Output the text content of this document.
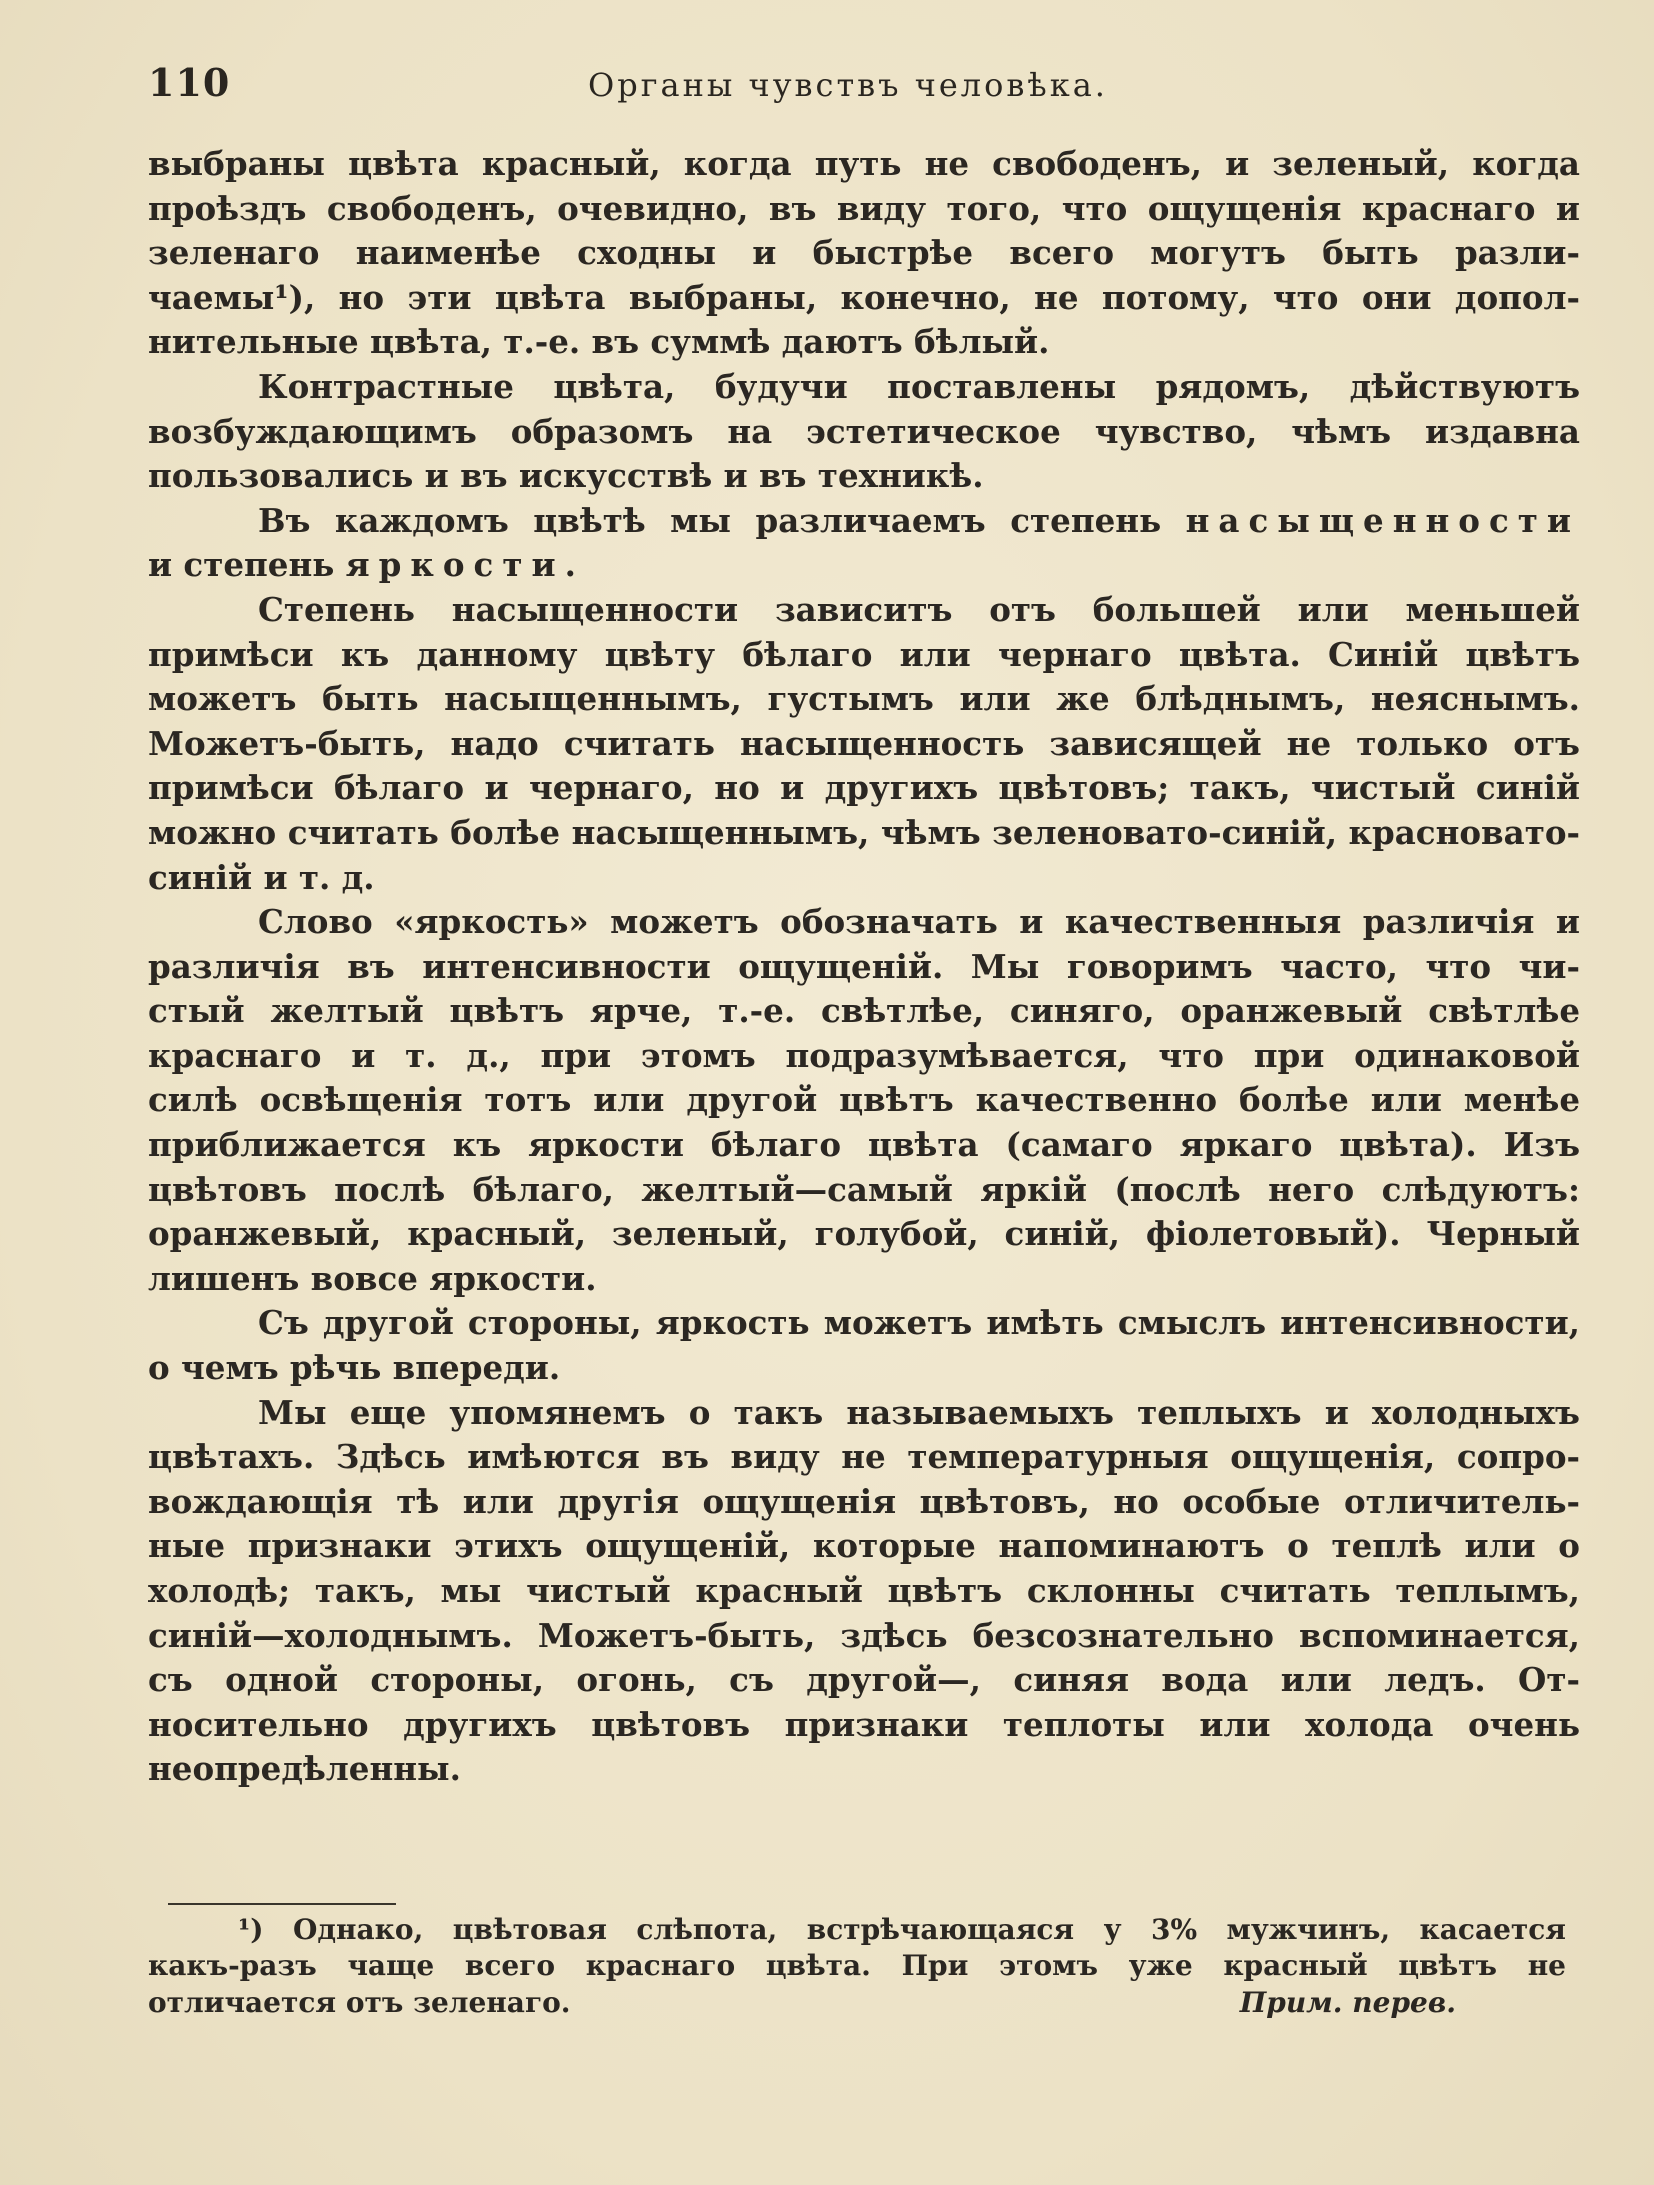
110	Органы чувствъ человѣка.
выбраны цвѣта красный, когда путь не свободенъ, и зеленый, когда
проѣздъ свободенъ, очевидно, въ виду того, что ощущенія краснаго и
зеленаго наименѣе сходны и быстрѣе всего могутъ быть разли-
чаемы¹), но эти цвѣта выбраны, конечно, не потому, что они допол-
нительные цвѣта, т.-е. въ суммѣ даютъ бѣлый.
Контрастные цвѣта, будучи поставлены рядомъ, дѣйствуютъ
возбуждающимъ образомъ на эстетическое чувство, чѣмъ издавна
пользовались и въ искусствѣ и въ техникѣ.
Въ каждомъ цвѣтѣ мы различаемъ степень насыщенности
и степень яркости.
Степень насыщенности зависитъ отъ большей или меньшей
примѣси къ данному цвѣту бѣлаго или чернаго цвѣта. Синій цвѣтъ
можетъ быть насыщеннымъ, густымъ или же блѣднымъ, неяснымъ.
Можетъ-быть, надо считать насыщенность зависящей не только отъ
примѣси бѣлаго и чернаго, но и другихъ цвѣтовъ; такъ, чистый синій
можно считать болѣе насыщеннымъ, чѣмъ зеленовато-синій, красновато-
синій и т. д.
Слово «яркость» можетъ обозначать и качественныя различія и
различія въ интенсивности ощущеній. Мы говоримъ часто, что чи-
стый желтый цвѣтъ ярче, т.-е. свѣтлѣе, синяго, оранжевый свѣтлѣе
краснаго и т. д., при этомъ подразумѣвается, что при одинаковой
силѣ освѣщенія тотъ или другой цвѣтъ качественно болѣе или менѣе
приближается къ яркости бѣлаго цвѣта (самаго яркаго цвѣта). Изъ
цвѣтовъ послѣ бѣлаго, желтый—самый яркій (послѣ него слѣдуютъ:
оранжевый, красный, зеленый, голубой, синій, фіолетовый). Черный
лишенъ вовсе яркости.
Съ другой стороны, яркость можетъ имѣть смыслъ интенсивности,
о чемъ рѣчь впереди.
Мы еще упомянемъ о такъ называемыхъ теплыхъ и холодныхъ
цвѣтахъ. Здѣсь имѣются въ виду не температурныя ощущенія, сопро-
вождающія тѣ или другія ощущенія цвѣтовъ, но особые отличитель-
ные признаки этихъ ощущеній, которые напоминаютъ о теплѣ или о
холодѣ; такъ, мы чистый красный цвѣтъ склонны считать теплымъ,
синій—холоднымъ. Можетъ-быть, здѣсь безсознательно вспоминается,
съ одной стороны, огонь, съ другой—, синяя вода или ледъ. От-
носительно другихъ цвѣтовъ признаки теплоты или холода очень
неопредѣленны.
¹) Однако, цвѣтовая слѣпота, встрѣчающаяся у 3% мужчинъ, касается
какъ-разъ чаще всего краснаго цвѣта. При этомъ уже красный цвѣтъ не
отличается отъ зеленаго.	Прим. перев.
